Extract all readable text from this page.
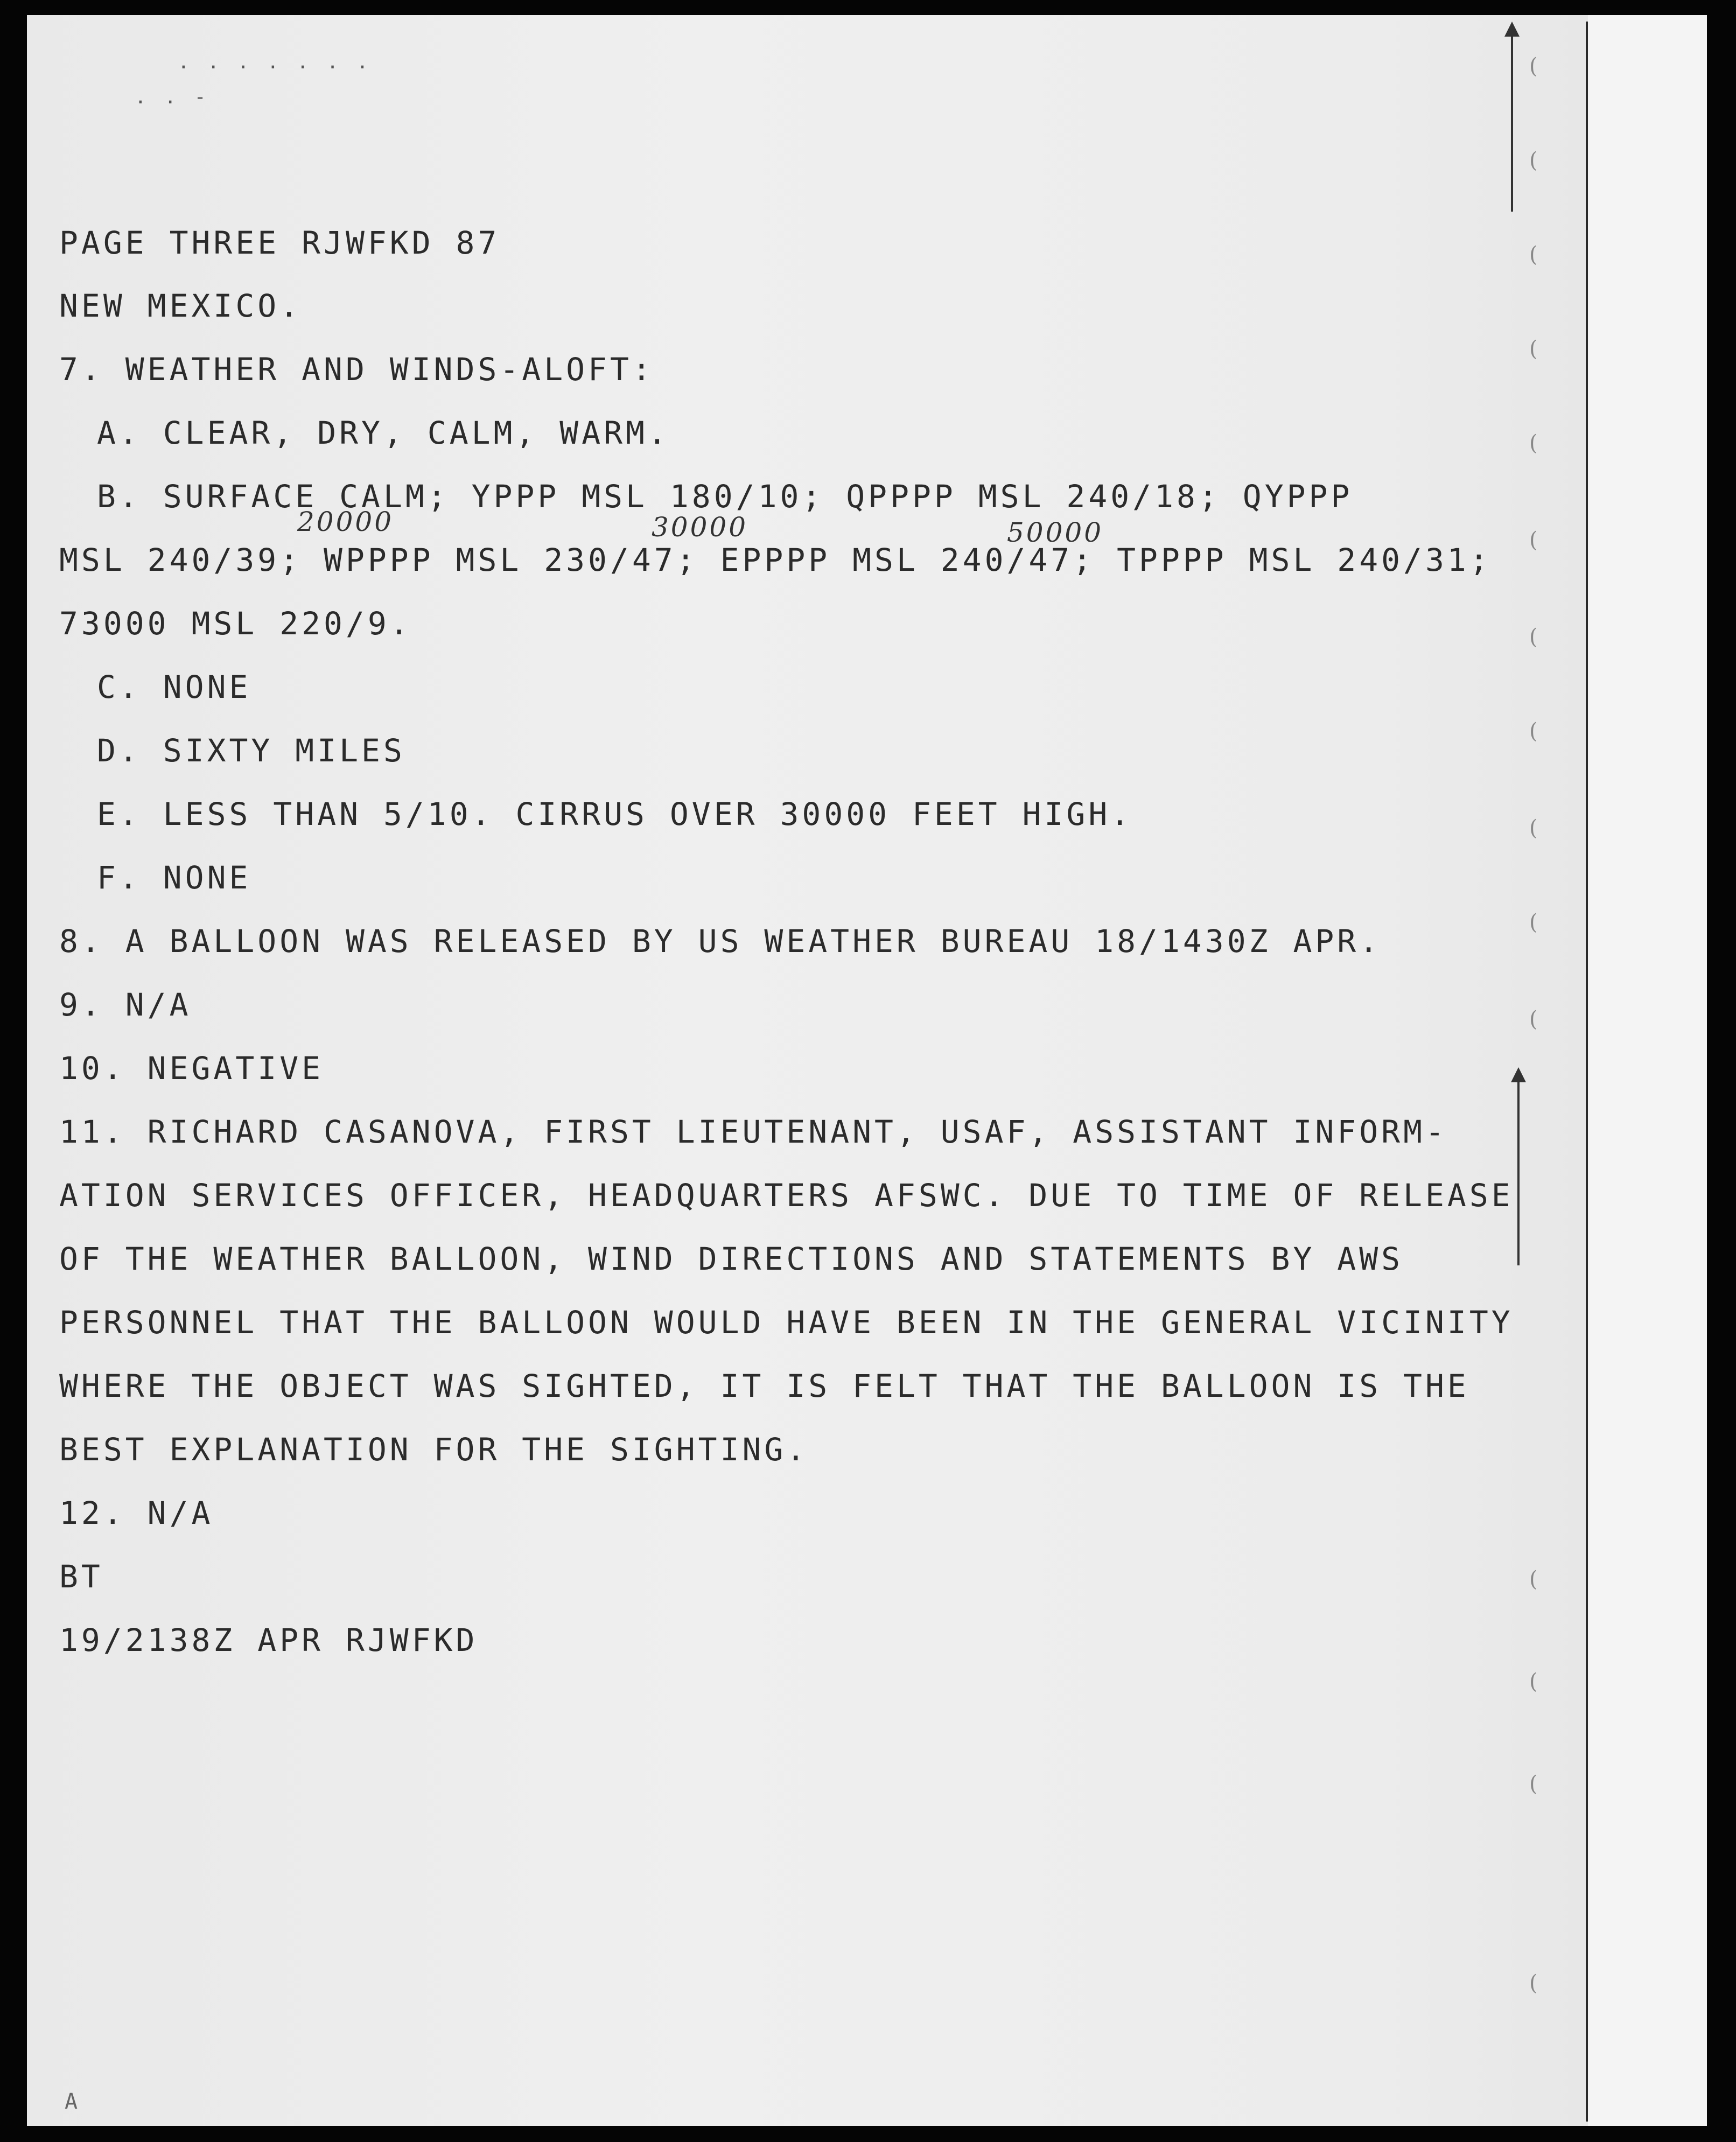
. . . . . . .
. . -
PAGE THREE RJWFKD 87
NEW MEXICO.
7. WEATHER AND WINDS-ALOFT:
A. CLEAR, DRY, CALM, WARM.
B. SURFACE CALM; YPPP MSL 180/10; QPPPP MSL 240/18; QYPPP
20000	30000	50000
MSL 240/39; WPPPP MSL 230/47; EPPPP MSL 240/47; TPPPP MSL 240/31;
73000 MSL 220/9.
C. NONE
D. SIXTY MILES
E. LESS THAN 5/10. CIRRUS OVER 30000 FEET HIGH.
F. NONE
8. A BALLOON WAS RELEASED BY US WEATHER BUREAU 18/1430Z APR.
9. N/A
10. NEGATIVE
11. RICHARD CASANOVA, FIRST LIEUTENANT, USAF, ASSISTANT INFORM-
ATION SERVICES OFFICER, HEADQUARTERS AFSWC. DUE TO TIME OF RELEASE
OF THE WEATHER BALLOON, WIND DIRECTIONS AND STATEMENTS BY AWS
PERSONNEL THAT THE BALLOON WOULD HAVE BEEN IN THE GENERAL VICINITY
WHERE THE OBJECT WAS SIGHTED, IT IS FELT THAT THE BALLOON IS THE
BEST EXPLANATION FOR THE SIGHTING.
12. N/A
BT
19/2138Z APR RJWFKD
(
(
(
(
(
(
(
(
(
(
(
(
(
(
(
A
